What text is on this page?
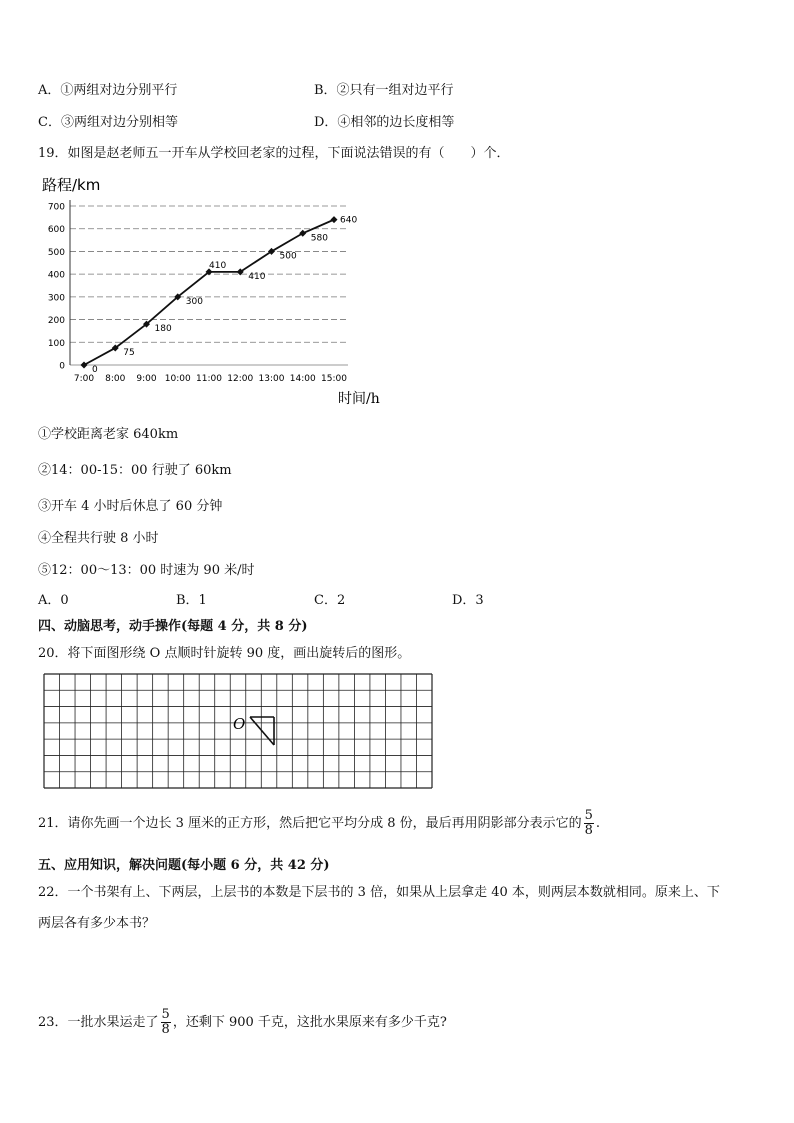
A．①两组对边分别平行	B．②只有一组对边平行
C．③两组对边分别相等	D．④相邻的边长度相等
19．如图是赵老师五一开车从学校回老家的过程，下面说法错误的有（　　）个．
0
100
200
300
400
500
600
700
7:00 8:00 9:00 10:00 11:00 12:00 13:00 14:00 15:00
0
75
180
300
410
410
500
580
640
路程/km
时间/h
①学校距离老家 640km
②14：00-15：00 行驶了 60km
③开车 4 小时后休息了 60 分钟
④全程共行驶 8 小时
⑤12：00～13：00 时速为 90 米/时
A．0	B．1	C．2	D．3
四、动脑思考，动手操作(每题 4 分，共 8 分)
20．将下面图形绕 O 点顺时针旋转 90 度，画出旋转后的图形。
O
21．请你先画一个边长 3 厘米的正方形，然后把它平均分成 8 份，最后再用阴影部分表示它的 $\frac{5}{8}$ .
五、应用知识，解决问题(每小题 6 分，共 42 分)
22．一个书架有上、下两层，上层书的本数是下层书的 3 倍，如果从上层拿走 40 本，则两层本数就相同。原来上、下
两层各有多少本书？
23．一批水果运走了 $\frac{5}{8}$ ，还剩下 900 千克，这批水果原来有多少千克?
